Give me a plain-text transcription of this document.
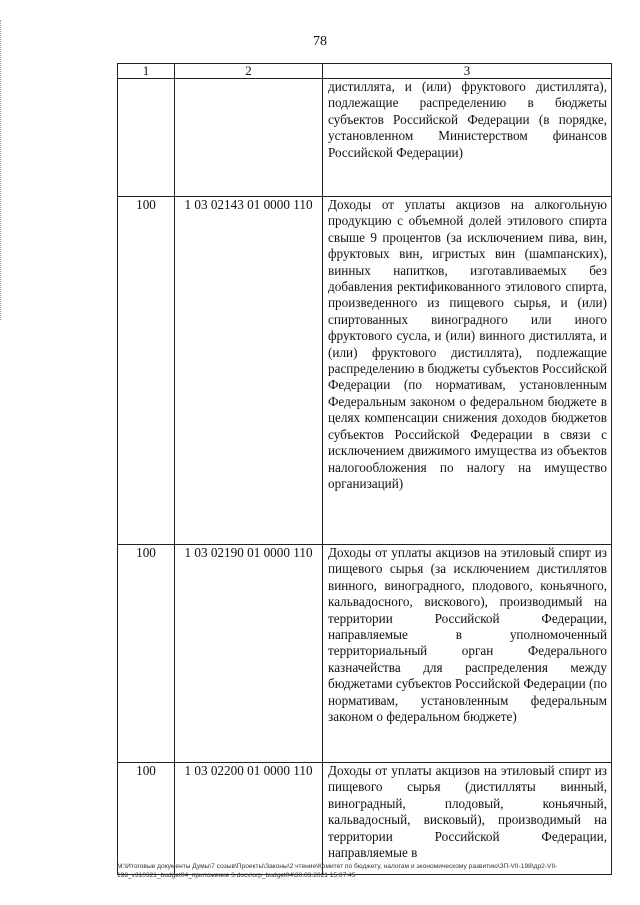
78
1	2	3

		дистиллята, и (или) фруктового дистиллята), подлежащие распределению в бюджеты субъектов Российской Федерации (в порядке, установленном Министерством финансов Российской Федерации)

100	1 03 02143 01 0000 110	Доходы от уплаты акцизов на алкогольную продукцию с объемной долей этилового спирта свыше 9 процентов (за исключением пива, вин, фруктовых вин, игристых вин (шампанских), винных напитков, изготавливаемых без добавления ректификованного этилового спирта, произведенного из пищевого сырья, и (или) спиртованных виноградного или иного фруктового сусла, и (или) винного дистиллята, и (или) фруктового дистиллята), подлежащие распределению в бюджеты субъектов Российской Федерации (по нормативам, установленным Федеральным законом о федеральном бюджете в целях компенсации снижения доходов бюджетов субъектов Российской Федерации в связи с исключением движимого имущества из объектов налогообложения по налогу на имущество организаций)

100	1 03 02190 01 0000 110	Доходы от уплаты акцизов на этиловый спирт из пищевого сырья (за исключением дистиллятов винного, виноградного, плодового, коньячного, кальвадосного, вискового), производимый на территории Российской Федерации, направляемые в уполномоченный территориальный орган Федерального казначейства для распределения между бюджетами субъектов Российской Федерации (по нормативам, установленным федеральным законом о федеральном бюджете)

100	1 03 02200 01 0000 110	Доходы от уплаты акцизов на этиловый спирт из пищевого сырья (дистилляты винный, виноградный, плодовый, коньячный, кальвадосный, висковый), производимый на территории Российской Федерации, направляемые в

М:\Итоговые документы Думы\7 созыв\Проекты\Законы\2 чтение\Комитет по бюджету, налогам и экономическому развитию\ЗП-VII-198\др2-VII-
198_v310321_budget04_приложение 3.docx\orp_budget04\30.03.2021 15:07:45
